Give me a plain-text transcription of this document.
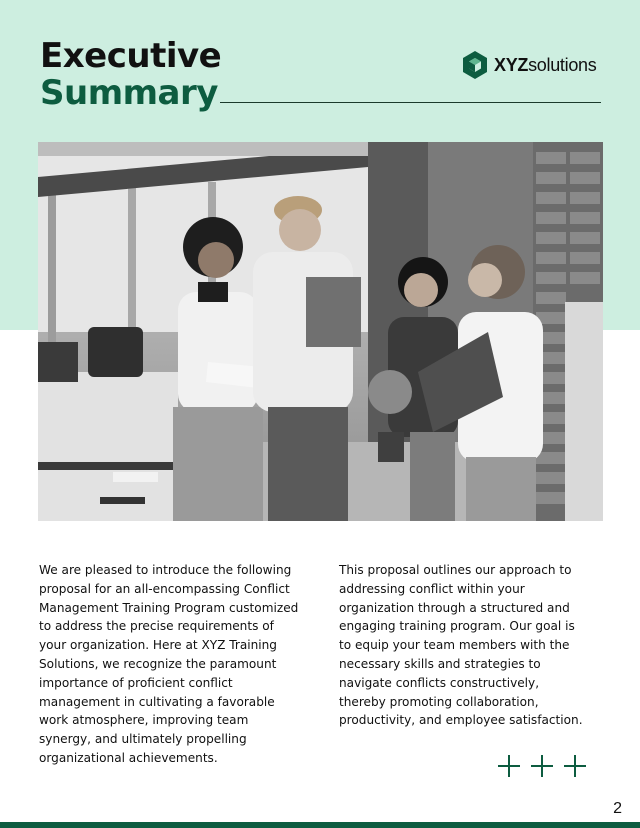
Executive
Summary
XYZsolutions
We are pleased to introduce the following proposal for an all-encompassing Conflict Management Training Program customized to address the precise requirements of your organization. Here at XYZ Training Solutions, we recognize the paramount importance of proficient conflict management in cultivating a favorable work atmosphere, improving team synergy, and ultimately propelling organizational achievements.
This proposal outlines our approach to addressing conflict within your organization through a structured and engaging training program. Our goal is to equip your team members with the necessary skills and strategies to navigate conflicts constructively, thereby promoting collaboration, productivity, and employee satisfaction.
2
